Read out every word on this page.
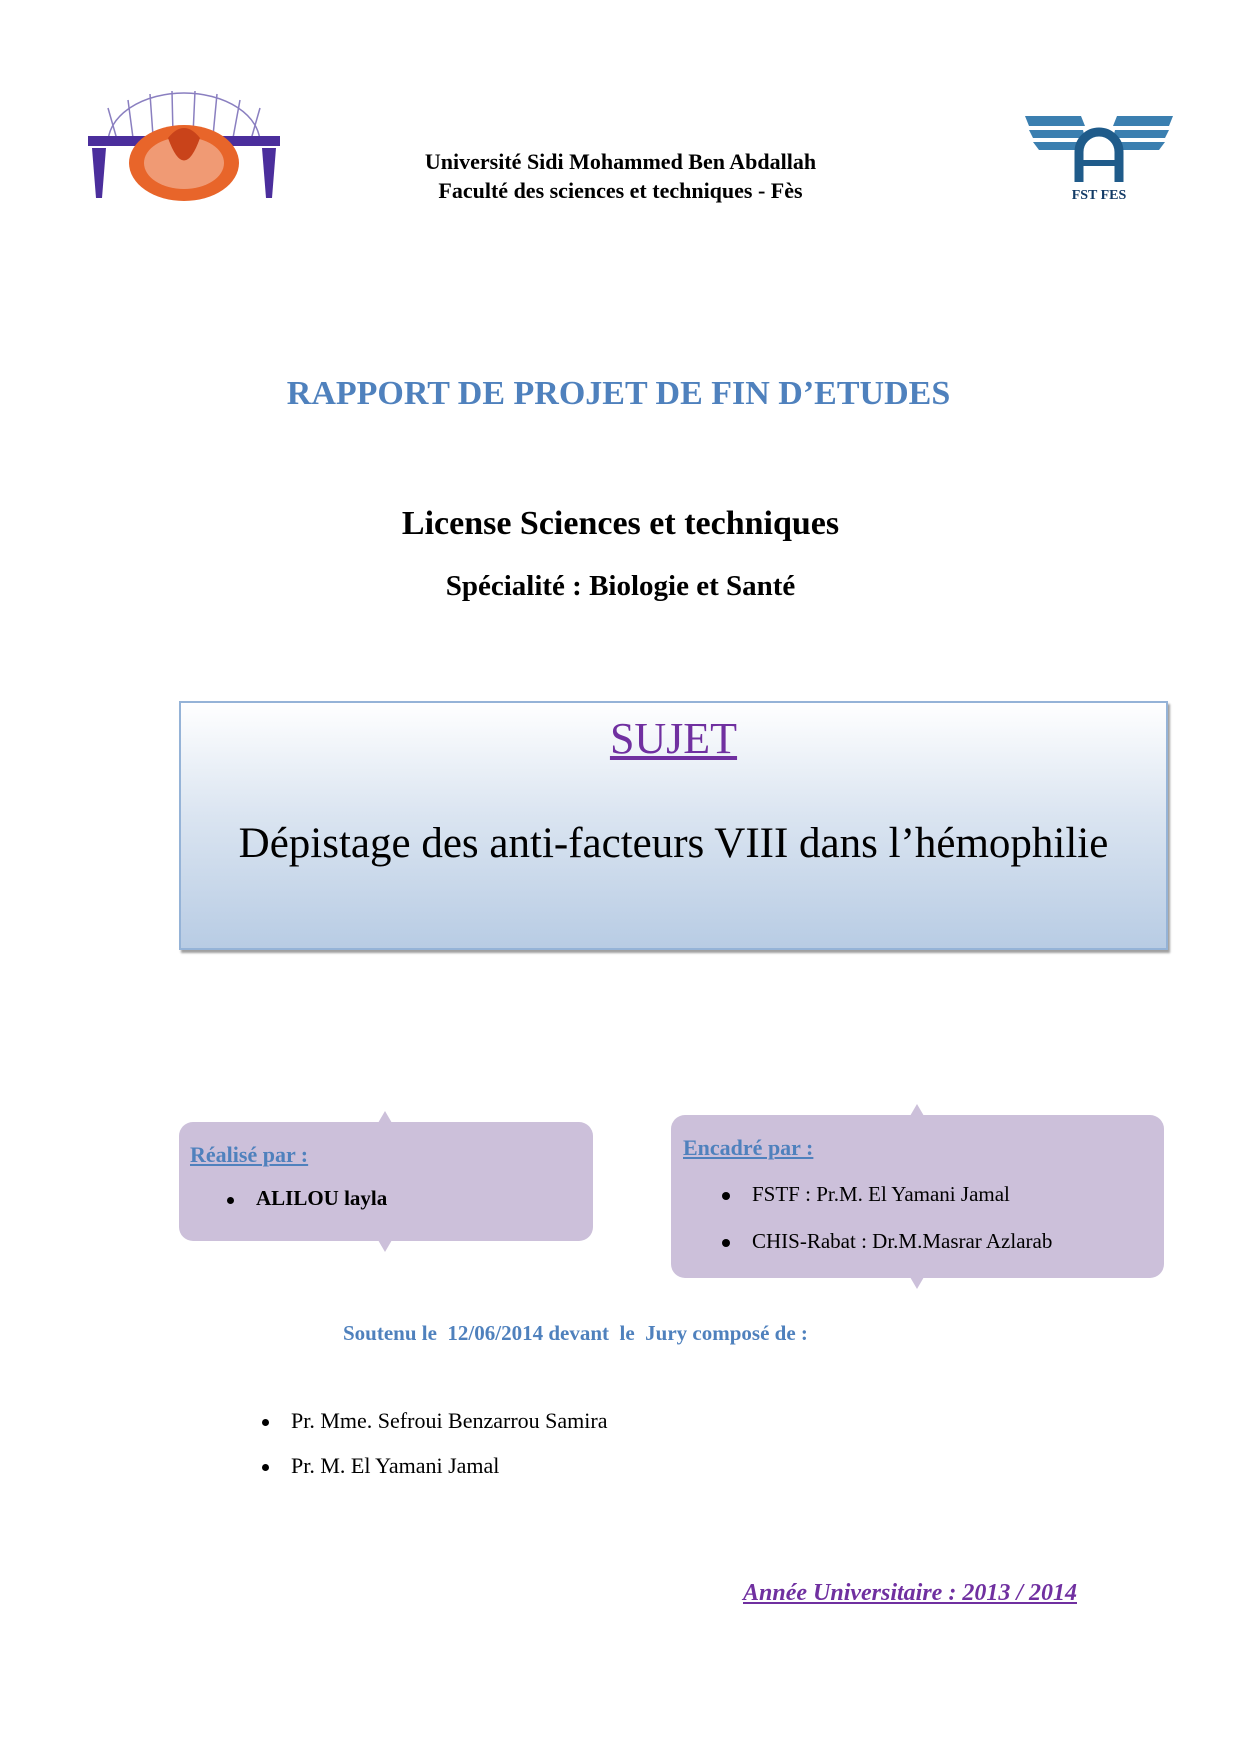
Université Sidi Mohammed Ben Abdallah
Faculté des sciences et techniques - Fès	FST FES
RAPPORT DE PROJET DE FIN D’ETUDES
License Sciences et techniques
Spécialité : Biologie et Santé
SUJET
Dépistage des anti-facteurs VIII dans l’hémophilie
Réalisé par :
ALILOU layla
Encadré par :
FSTF : Pr.M. El Yamani Jamal
CHIS-Rabat : Dr.M.Masrar Azlarab
Soutenu le  12/06/2014 devant  le  Jury composé de :
Pr. Mme. Sefroui Benzarrou Samira
Pr. M. El Yamani Jamal
Année Universitaire : 2013 / 2014
